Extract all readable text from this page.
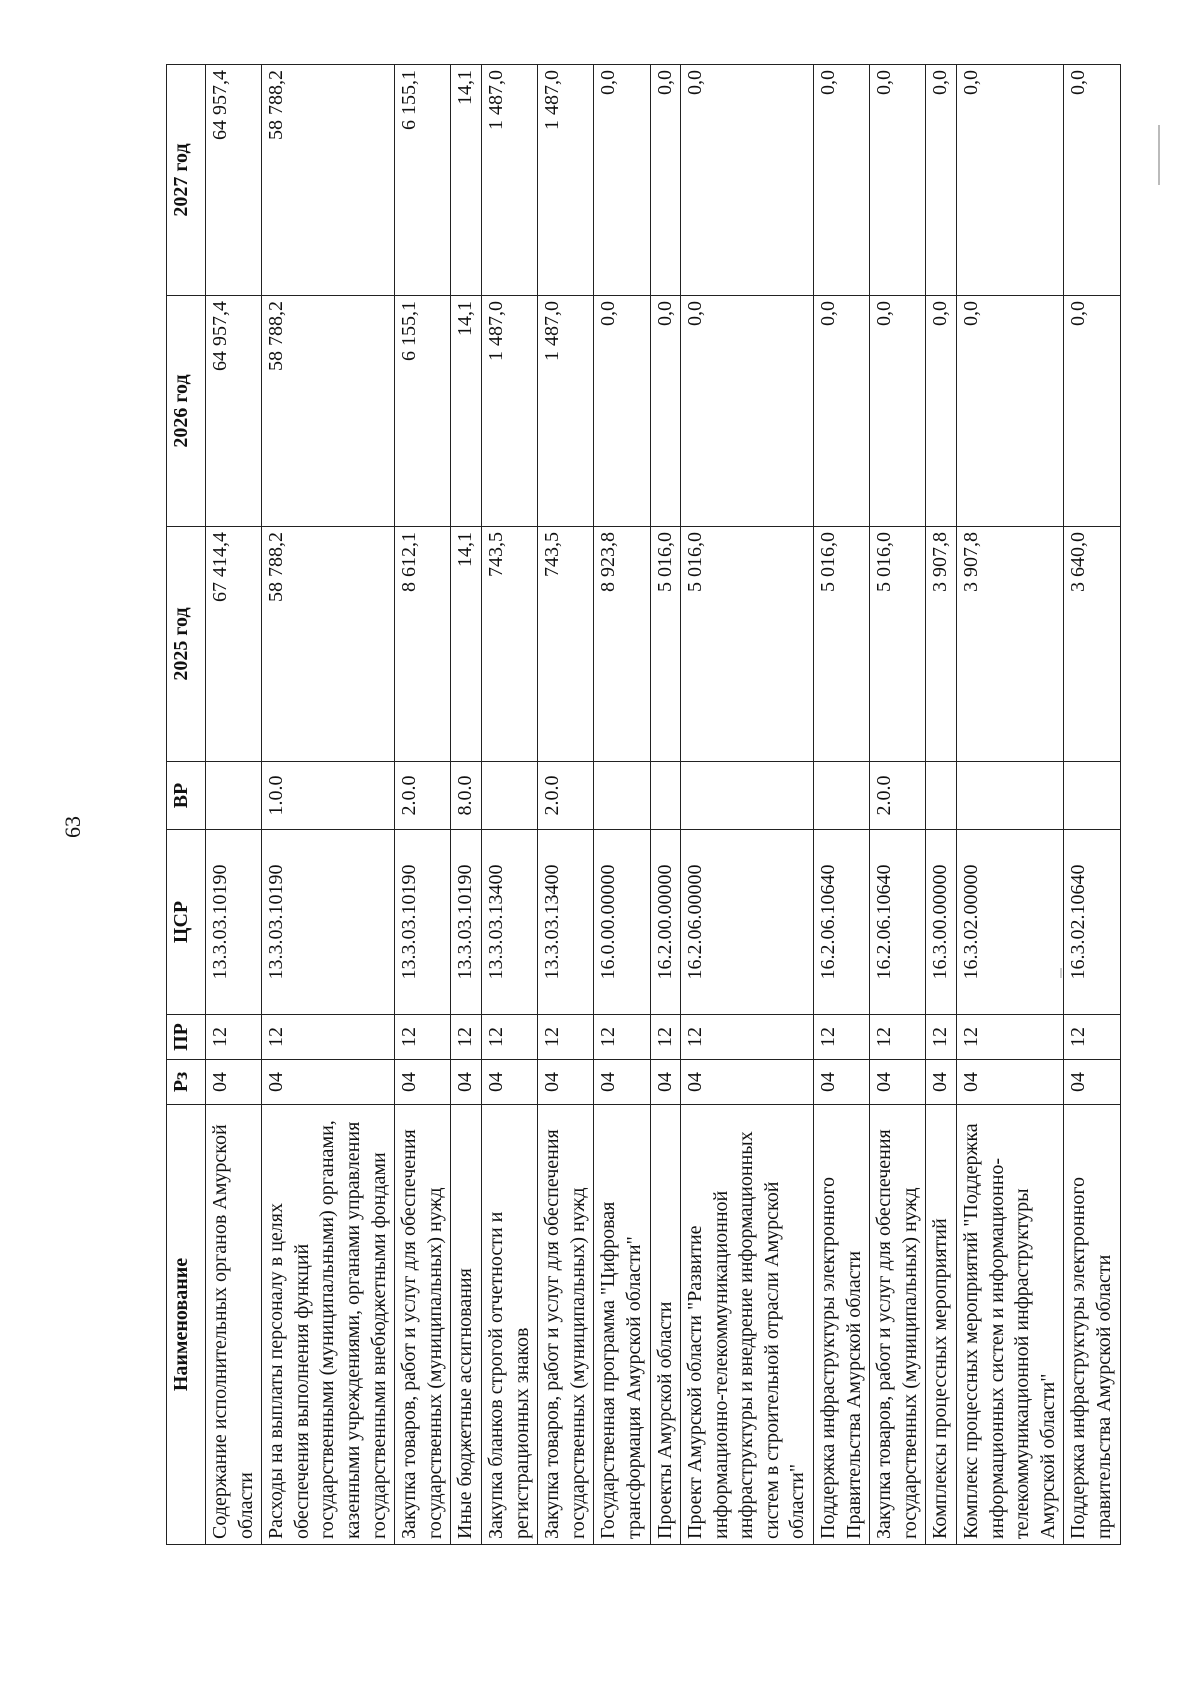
63
Наименование	Рз	ПР	ЦСР	ВР	2025 год	2026 год	2027 год
Содержание исполнительных органов Амурской области	04	12	13.3.03.10190		67 414,4	64 957,4	64 957,4
Расходы на выплаты персоналу в целях обеспечения выполнения функций государственными (муниципальными) органами, казенными учреждениями, органами управления государственными внебюджетными фондами	04	12	13.3.03.10190	1.0.0	58 788,2	58 788,2	58 788,2
Закупка товаров, работ и услуг для обеспечения государственных (муниципальных) нужд	04	12	13.3.03.10190	2.0.0	8 612,1	6 155,1	6 155,1
Иные бюджетные ассигнования	04	12	13.3.03.10190	8.0.0	14,1	14,1	14,1
Закупка бланков строгой отчетности и регистрационных знаков	04	12	13.3.03.13400		743,5	1 487,0	1 487,0
Закупка товаров, работ и услуг для обеспечения государственных (муниципальных) нужд	04	12	13.3.03.13400	2.0.0	743,5	1 487,0	1 487,0
Государственная программа "Цифровая трансформация Амурской области"	04	12	16.0.00.00000		8 923,8	0,0	0,0
Проекты Амурской области	04	12	16.2.00.00000		5 016,0	0,0	0,0
Проект Амурской области "Развитие информационно-телекоммуникационной инфраструктуры и внедрение информационных систем в строительной отрасли Амурской области"	04	12	16.2.06.00000		5 016,0	0,0	0,0
Поддержка инфраструктуры электронного Правительства Амурской области	04	12	16.2.06.10640		5 016,0	0,0	0,0
Закупка товаров, работ и услуг для обеспечения государственных (муниципальных) нужд	04	12	16.2.06.10640	2.0.0	5 016,0	0,0	0,0
Комплексы процессных мероприятий	04	12	16.3.00.00000		3 907,8	0,0	0,0
Комплекс процессных мероприятий "Поддержка информационных систем и информационно-телекоммуникационной инфраструктуры Амурской области"	04	12	16.3.02.00000		3 907,8	0,0	0,0
Поддержка инфраструктуры электронного правительства Амурской области	04	12	16.3.02.10640		3 640,0	0,0	0,0
